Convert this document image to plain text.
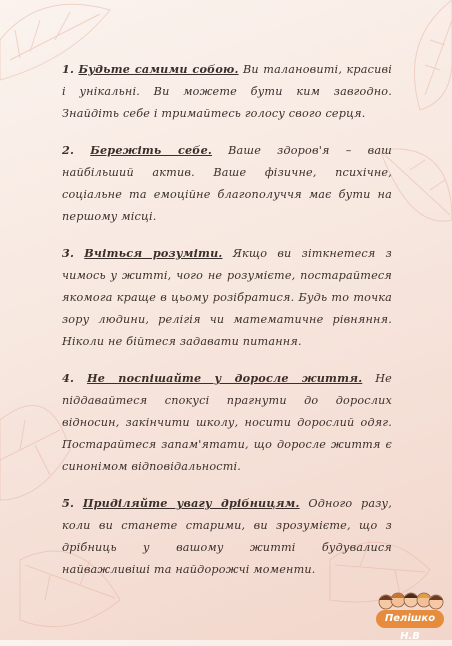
1. Будьте самими собою. Ви талановиті, красиві і унікальні. Ви можете бути ким завгодно. Знайдіть себе і тримайтесь голосу свого серця.

2. Бережіть себе. Ваше здоров'я – ваш найбільший актив. Ваше фізичне, психічне, соціальне та емоційне благополуччя має бути на першому місці.

3. Вчіться розуміти. Якщо ви зіткнетеся з чимось у житті, чого не розумієте, постарайтеся якомога краще в цьому розібратися. Будь то точка зору людини, релігія чи математичне рівняння. Ніколи не бійтеся задавати питання.

4. Не поспішайте у доросле життя. Не піддавайтеся спокусі прагнути до дорослих відносин, закінчити школу, носити дорослий одяг. Постарайтеся запам'ятати, що доросле життя є синонімом відповідальності.

5. Приділяйте увагу дрібницям. Одного разу, коли ви станете старими, ви зрозумієте, що з дрібниць у вашому житті будувалися найважливіші та найдорожчі моменти.

Пелішко Н.В
